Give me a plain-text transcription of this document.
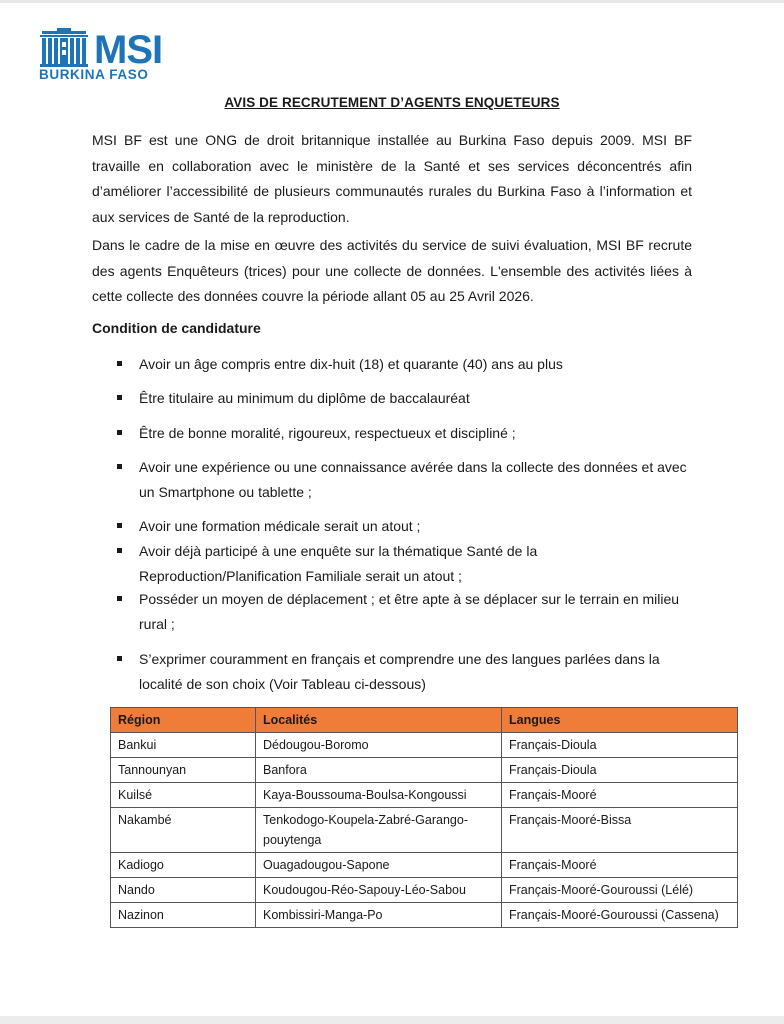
MSI
BURKINA FASO
AVIS DE RECRUTEMENT D’AGENTS ENQUETEURS

MSI BF est une ONG de droit britannique installée au Burkina Faso depuis 2009. MSI BF travaille en collaboration avec le ministère de la Santé et ses services déconcentrés afin d’améliorer l’accessibilité de plusieurs communautés rurales du Burkina Faso à l’information et aux services de Santé de la reproduction.

Dans le cadre de la mise en œuvre des activités du service de suivi évaluation, MSI BF recrute des agents Enquêteurs (trices) pour une collecte de données. L'ensemble des activités liées à cette collecte des données couvre la période allant 05 au 25 Avril 2026.

Condition de candidature

Avoir un âge compris entre dix-huit (18) et quarante (40) ans au plus

Être titulaire au minimum du diplôme de baccalauréat

Être de bonne moralité, rigoureux, respectueux et discipliné ;

Avoir une expérience ou une connaissance avérée dans la collecte des données et avec un Smartphone ou tablette ;

Avoir une formation médicale serait un atout ;

Avoir déjà participé à une enquête sur la thématique Santé de la Reproduction/Planification Familiale serait un atout ;

Posséder un moyen de déplacement ; et être apte à se déplacer sur le terrain en milieu rural ;

S’exprimer couramment en français et comprendre une des langues parlées dans la localité de son choix (Voir Tableau ci-dessous)

Région	Localités	Langues
Bankui	Dédougou-Boromo	Français-Dioula
Tannounyan	Banfora	Français-Dioula
Kuilsé	Kaya-Boussouma-Boulsa-Kongoussi	Français-Mooré
Nakambé	Tenkodogo-Koupela-Zabré-Garango-pouytenga	Français-Mooré-Bissa
Kadiogo	Ouagadougou-Sapone	Français-Mooré
Nando	Koudougou-Réo-Sapouy-Léo-Sabou	Français-Mooré-Gouroussi (Lélé)
Nazinon	Kombissiri-Manga-Po	Français-Mooré-Gouroussi (Cassena)
